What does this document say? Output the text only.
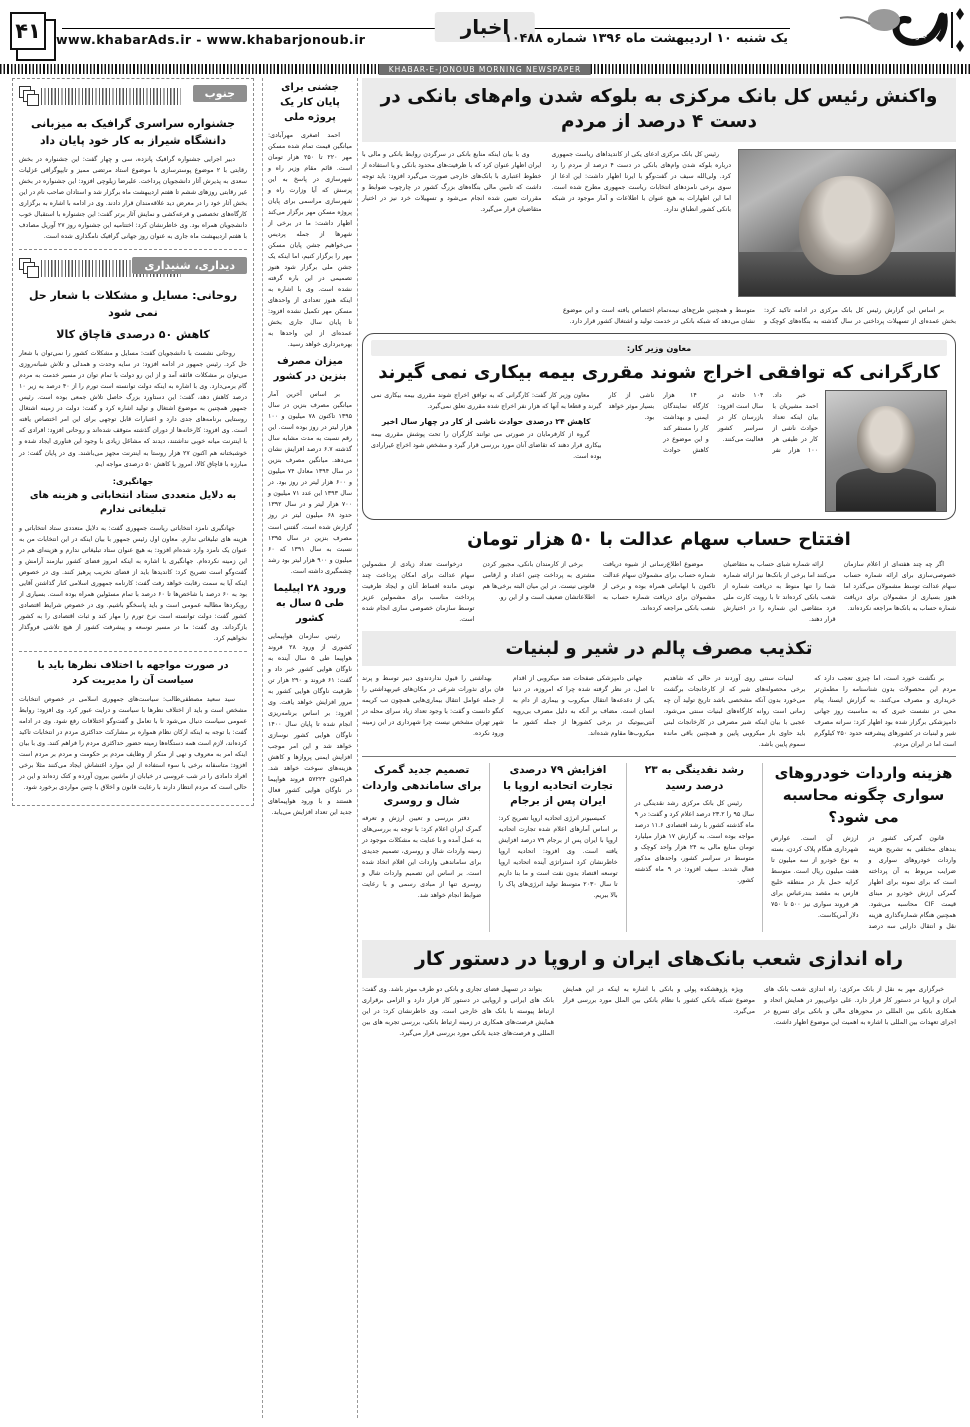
۴۱	www.khabarAds.ir - www.khabarjonoub.ir
اخبار
یک شنبه ۱۰ اردیبهشت ماه ۱۳۹۶ شماره ۱۰۴۸۸	جنوب
KHABAR-E-JONOUB MORNING NEWSPAPER
واکنش رئیس کل بانک مرکزی به بلوکه شدن وام‌های بانکی در دست ۴ درصد از مردم

رئیس کل بانک مرکزی ادعای یکی از کاندیداهای ریاست جمهوری درباره بلوکه شدن وام‌های بانکی در دست ۴ درصد از مردم را رد کرد. ولی‌الله سیف در گفت‌وگو با ایرنا اظهار داشت: این ادعا از سوی برخی نامزدهای انتخابات ریاست جمهوری مطرح شده است. اما این اظهارات به هیچ عنوان با اطلاعات و آمار موجود در شبکه بانکی کشور انطباق ندارد.

وی با بیان اینکه منابع بانکی در سرگردن روابط بانکی و مالی با ایران اظهار عنوان کرد که با ظرفیت‌های محدود بانکی و با استفاده از خطوط اعتباری با بانک‌های خارجی صورت می‌گیرد افزود: باید توجه داشت که تامین مالی بنگاه‌های بزرگ کشور در چارچوب ضوابط و مقررات تعیین شده انجام می‌شود و تسهیلات خرد نیز در اختیار متقاضیان قرار می‌گیرد.

بر اساس این گزارش رئیس کل بانک مرکزی در ادامه تاکید کرد: بخش عمده‌ای از تسهیلات پرداختی در سال گذشته به بنگاه‌های کوچک و متوسط و همچنین طرح‌های نیمه‌تمام اختصاص یافته است و این موضوع نشان می‌دهد که شبکه بانکی در خدمت تولید و اشتغال کشور قرار دارد.

معاون وزیر کار:
کارگرانی که توافقی اخراج شوند مقرری بیمه بیکاری نمی گیرند

خبر داد. احمد مشیریان با بیان اینکه تعداد حوادث ناشی از کار در طیفی هر ۱۰۰ هزار نفر ۱۰۴ حادثه در سال است افزود: بازرسان کار در سراسر کشور فعالیت می‌کنند.

۱۴ هزار کارگاه نمایندگان ایمنی و بهداشت کار را مستقر کند و این موضوع در کاهش حوادث ناشی از کار بسیار موثر خواهد بود.

معاون وزیر کار گفت: کارگرانی که به توافق اخراج شوند مقرری بیمه بیکاری نمی گیرند و قطعا به آنها که هزار نفر اخراج شده مقرری تعلق نمی‌گیرد.

کاهش ۲۴ درصدی حوادث ناشی از کار در چهار سال اخیر

گروه از کارفرمایان در صورتی می توانند کارگران را تحت پوشش مقرری بیمه بیکاری قرار دهند که تقاضای آنان مورد بررسی قرار گیرد و مشخص شود اخراج غیرارادی بوده است.

افتتاح حساب سهام عدالت با ۵۰ هزار تومان

اگر چه چند هفته‌ای از اعلام سازمان خصوصی‌سازی برای ارائه شماره حساب سهام عدالت توسط مشمولان می‌گذرد اما هنوز بسیاری از مشمولان برای دریافت شماره حساب به بانک‌ها مراجعه نکرده‌اند.

ارائه شماره شبای حساب به متقاضیان می‌کنند اما برخی از بانک‌ها نیز ارائه شماره شما را تنها منوط به دریافت شماره از شعب بانکی کرده‌اند تا با رویت کارت ملی فرد متقاضی این شماره را در اختیارش قرار دهند.

موضوع اطلاع‌رسانی از شیوه دریافت شماره حساب برای مشمولان سهام عدالت تاکنون با ابهاماتی همراه بوده و برخی از مشمولان برای دریافت شماره حساب به شعب بانکی مراجعه کرده‌اند.

برخی از کارمندان بانکی، مجبور کردن مشتری به پرداخت چنین اعداد و ارقامی قانونی نیست. در این میان البته برخی‌ها هم اطلاعاتشان ضعیف است و از این رو.

درخواست تعداد زیادی از مشمولین سهام عدالت برای امکان پرداخت چند نوبتی مانده اقساط آنان و ایجاد ظرفیت پرداخت مناسب برای مشمولین عزیز توسط سازمان خصوصی سازی انجام شده است.

تکذیب مصرف پالم در شیر و لبنیات

بر نگشت خورد است، اما چیزی تعجب دارد که مردم این محصولات بدون شناسنامه را مطمئن‌تر خریداری و مصرف می‌کنند. به گزارش ایسنا، پیام محی در نشست خبری که به مناسبت روز جهانی دامپزشکی برگزار شده بود اظهار کرد: سرانه مصرف شیر و لبنیات در کشورهای پیشرفته حدود ۲۵۰ کیلوگرم است اما در ایران مردم.

لبنیات سنتی روی آوردند در حالی که شاهدیم برخی محصوله‌های شیر که از کارخانجات برگشت می‌خورد بدون آنکه مشخصی باشد تاریخ تولید آن چه زمانی است روانه کارگاه‌های لبنیات سنتی می‌شود. عجبی با بیان اینکه شیر مصرفی در کارخانجات لبنی باید حاوی بار میکروبی پایین و همچنین باقی مانده سموم پایین باشد.

جهانی دامپزشکی صفحات ضد میکروبی از اقدام تا اصل، در نظر گرفته شده چرا که امروزه، در دنیا یکی از دغدغه‌ها انتقال میکروب و بیماری از دام به انسان است. مضاف بر آنکه به دلیل مصرف بی‌رویه آنتی‌بیوتیک در برخی کشورها از جمله کشور ما میکروب‌ها مقاوم شده‌اند.

بهداشتی را قبول نداردندوی دبیر توسط و پرند فان برای نذورات شرعی در مکان‌های غیربهداشتی را از جمله عوامل انتقال بیماری‌هایی همچون تب کریمه کنگو دانست و گفت: با وجود تعداد زیاد سرای محله در شهر تهران مشخص نیست چرا شهرداری در این زمینه ورود نکرده.

هزینه واردات خودروهای سواری چگونه محاسبه می شود؟

قانون گمرکی کشور در بندهای مختلفی به تشریح هزینه واردات خودروهای سواری و ضرایب مربوط به آن پرداخته است که برای نمونه برای اظهار گمرکی ارزش خودرو بر مبنای قیمت CIF محاسبه می‌شود. همچنین هنگام شماره‌گذاری هزینه نقل و انتقال دارایی سه درصد ارزش آن است. عوارض شهرداری هنگام پلاک کردن، بسته به نوع خودرو از سه میلیون تا هفت میلیون ریال است. متوسط کرایه حمل بار در منطقه خلیج فارس به مقصد بندرعباس برای هر فروند سواری نیز ۵۰۰ تا ۷۵۰ دلار آمریکاست.

رشد نقدینگی به ۲۳ درصد رسید

رئیس کل بانک مرکزی رشد نقدینگی در سال ۹۵ را ۲۳.۲ درصد اعلام کرد و گفت: در ۹ ماه گذشته کشور با رشد اقتصادی ۱۱.۶ درصد مواجه بوده است. به گزارش ۱۷ هزار میلیارد تومان منابع مالی به ۲۴ هزار واحد کوچک و متوسط در سراسر کشور، واحدهای مذکور فعال شدند. سیف افزود: در ۹ ماه گذشته کشور.

افزایش ۷۹ درصدی تجارت اتحادیه اروپا با ایران پس از برجام

کمیسیونر انرژی اتحادیه اروپا تصریح کرد: بر اساس آمارهای اعلام شده تجارت اتحادیه اروپا با ایران پس از برجام ۷۹ درصد افزایش یافته است. وی افزود: اتحادیه اروپا خاطرنشان کرد استراتژی آینده اتحادیه اروپا توسعه اقتصاد بدون نفت است و ما بنا داریم تا سال ۲۰۳۰ متوسط تولید انرژی‌های پاک را بالا ببریم.

تصمیم جدید گمرک برای ساماندهی واردات شال و روسری

دفتر بررسی و تعیین ارزش و تعرفه گمرک ایران اعلام کرد: با توجه به بررسی‌های به عمل آمده و با عنایت به مشکلات موجود در زمینه واردات شال و روسری، تصمیم جدیدی برای ساماندهی واردات این اقلام اتخاذ شده است. بر اساس این تصمیم واردات شال و روسری تنها از مبادی رسمی و با رعایت ضوابط انجام خواهد شد.

راه اندازی شعب بانک‌های ایران و اروپا در دستور کار

خبرگزاری مهر به نقل از بانک مرکزی: راه اندازی شعب بانک های ایران و اروپا در دستور کار قرار دارد. علی دوانی‌پور در همایش اتحاد و همکاری بانکی بین المللی در محورهای مالی و بانکی برای تسریع در اجرای تعهدات بین المللی با اشاره به اهمیت این موضوع اظهار داشت.

ویژه پژوهشکده پولی و بانکی با اشاره به اینکه در این همایش موضوع شبکه بانکی کشور با نظام بانکی بین الملل مورد بررسی قرار می‌گیرد.

بتواند در تسهیل فضای تجاری و بانکی دو طرف موثر باشد. وی گفت: بانک های ایرانی و اروپایی در دستور کار قرار دارد و الزامی برقراری ارتباط پیوسته با بانک های خارجی است. وی خاطرنشان کرد: در این همایش فرصت‌های همکاری در زمینه ارتباط بانکی، بررسی تجربه های بین المللی و فرصت‌های جدید بانکی مورد بررسی قرار می‌گیرد.

جشنی برای پایان کار یک پروژه ملی

احمد اصغری مهرآبادی: میانگین قیمت تمام شده مسکن مهر ۲۲۰ تا ۲۵۰ هزار تومان است. قائم مقام وزیر راه و شهرسازی در پاسخ به این پرسش که آیا وزارت راه و شهرسازی مراسمی برای پایان پروژه مسکن مهر برگزار می‌کند اظهار داشت: ما در برخی از شهرها از جمله پردیس می‌خواهیم جشن پایان مسکن مهر را برگزار کنیم، اما اینکه یک جشن ملی برگزار شود هنوز تصمیمی در این باره گرفته نشده است. وی با اشاره به اینکه هنوز تعدادی از واحدهای مسکن مهر تکمیل نشده افزود: تا پایان سال جاری بخش عمده‌ای از این واحدها به بهره‌برداری خواهد رسید.

میزان مصرف بنزین در کشور

بر اساس آخرین آمار میانگین مصرف بنزین در سال ۱۳۹۵ تاکنون ۷۸ میلیون و ۱۰۰ هزار لیتر در روز بوده است. این رقم نسبت به مدت مشابه سال گذشته ۶.۷ درصد افزایش نشان می‌دهد. میانگین مصرف بنزین در سال ۱۳۹۴ معادل ۷۴ میلیون و ۶۰۰ هزار لیتر در روز بود. در سال ۱۳۹۳ این عدد ۷۱ میلیون و ۷۰۰ هزار لیتر و در سال ۱۳۹۲ حدود ۶۸ میلیون لیتر در روز گزارش شده است. گفتنی است مصرف بنزین در سال ۱۳۹۵ نسبت به سال ۱۳۹۱ که ۶۰ میلیون و ۹۰۰ هزار لیتر بود رشد چشمگیری داشته است.

ورود ۲۸ اپیلیما طی ۵ سال به کشور

رئیس سازمان هواپیمایی کشوری از ورود ۲۸ فروند هواپیما طی ۵ سال آینده به ناوگان هوایی کشور خبر داد و گفت: ۶۱ فروند و ۲۹۰ هزار تن ظرفیت ناوگان هوایی کشور به مرور افزایش خواهد یافت. وی افزود: بر اساس برنامه‌ریزی انجام شده تا پایان سال ۱۴۰۰ ناوگان هوایی کشور نوسازی خواهد شد و این امر موجب افزایش ایمنی پروازها و کاهش هزینه‌های سوخت خواهد شد. هم‌اکنون ۵۷۲۲۴ فروند هواپیما در ناوگان هوایی کشور فعال هستند و با ورود هواپیماهای جدید این تعداد افزایش می‌یابد.

جنوب
جشنواره سراسری گرافیک به میزبانی دانشگاه شیراز به کار خود پایان داد

دبیر اجرایی جشنواره گرافیک پانزده، سی و چهار گفت: این جشنواره در بخش رقابتی با ۲ موضوع پوسترسازی با موضوع استاد مرتضی ممیز و تایپوگرافی غزلیات سعدی به پذیرش آثار دانشجویان پرداخت. علیرضا زیلوچی افزود: این جشنواره در بخش غیر رقابتی روزهای ششم تا هفتم اردیبهشت ماه برگزار شد و استادان صاحب نام در این بخش آثار خود را در معرض دید علاقه‌مندان قرار دادند. وی در ادامه با اشاره به برگزاری کارگاه‌های تخصصی و قرعه‌کشی و نمایش آثار برتر گفت: این جشنواره با استقبال خوب دانشجویان همراه بود. وی خاطرنشان کرد: اختتامیه این جشنواره روز ۲۷ آوریل مصادف با هفتم اردیبهشت ماه جاری به عنوان روز جهانی گرافیک نامگذاری شده است.

دیداری، شنیداری
روحانی: مسایل و مشکلات با شعار حل نمی شود
کاهش ۵۰ درصدی قاچاق کالا

روحانی نشست با دانشجویان گفت: مسایل و مشکلات کشور را نمی‌توان با شعار حل کرد. رئیس جمهور در ادامه افزود: در سایه وحدت و همدلی و تلاش شبانه‌روزی می‌توان بر مشکلات فائقه آمد و از این رو دولت با تمام توان در مسیر خدمت به مردم گام برمی‌دارد. وی با اشاره به اینکه دولت توانسته است تورم را از ۴۰ درصد به زیر ۱۰ درصد کاهش دهد، گفت: این دستاورد بزرگ حاصل تلاش جمعی بوده است. رئیس جمهور همچنین به موضوع اشتغال و تولید اشاره کرد و گفت: دولت در زمینه اشتغال روستایی برنامه‌های جدی دارد و اعتبارات قابل توجهی برای این امر اختصاص یافته است. وی افزود: کارخانه‌ها از دوران گذشته متوقف شده‌اند و روحانی افزود: افرادی که با اینترنت میانه خوبی نداشتند، دیدند که مشاغل زیادی با وجود این فناوری ایجاد شده و خوشبختانه هم اکنون ۲۷ هزار روستا به اینترنت مجهز می‌باشند. وی در پایان گفت: در مبارزه با قاچاق کالا، امروز با کاهش ۵۰ درصدی مواجه ایم.

جهانگیری:
به دلایل متعددی ستاد انتخاباتی و هزینه های تبلیغاتی ندارم

جهانگیری نامزد انتخاباتی ریاست جمهوری گفت: به دلایل متعددی ستاد انتخاباتی و هزینه های تبلیغاتی ندارم. معاون اول رئیس جمهور با بیان اینکه در این انتخابات من به عنوان یک نامزد وارد شده‌ام افزود: به هیچ عنوان ستاد تبلیغاتی ندارم و هزینه‌ای هم در این زمینه نکرده‌ام. جهانگیری با اشاره به اینکه امروز فضای کشور نیازمند آرامش و گفت‌وگو است تصریح کرد: کاندیدها باید از فضای تخریب پرهیز کنند. وی در خصوص اینکه آیا به سمت رقابت خواهد رفت گفت: کارنامه جمهوری اسلامی کنار گذاشتن آقایی بود به ۶۰ درصد با شاخص‌ها تا ۶۰ درصد با تمام مسئولین همراه بوده است. بسیاری از رویکردها مطالبه عمومی است و باید پاسخگو باشیم. وی در خصوص شرایط اقتصادی کشور گفت: دولت توانسته است نرخ تورم را مهار کند و ثبات اقتصادی را به کشور بازگرداند. وی گفت: ما در مسیر توسعه و پیشرفت کشور از هیچ تلاشی فروگذار نخواهیم کرد.

در صورت مواجهه با اختلاف نظرها باید با سیاست آن را مدیریت کرد

سید سعید مصطفی‌طالب: سیاست‌های جمهوری اسلامی در خصوص انتخابات مشخص است و باید از اختلاف نظرها با سیاست و درایت عبور کرد. وی افزود: روابط عمومی سیاست دنبال می‌شود تا با تعامل و گفت‌وگو اختلافات رفع شود. وی در ادامه گفت: با توجه به اینکه ارکان نظام همواره بر مشارکت حداکثری مردم در انتخابات تاکید کرده‌اند، لازم است همه دستگاه‌ها زمینه حضور حداکثری مردم را فراهم کنند. وی با بیان اینکه امر به معروف و نهی از منکر از وظایف مردم بر حکومت و مردم بر مردم است افزود: متاسفانه برخی با سوء استفاده از این موارد اغتشاش ایجاد می‌کنند مثلا برخی افراد دامادی را در شب عروسی در خیابان از ماشین بیرون آورده و کتک زده‌اند و این در حالی است که مردم انتظار دارند با رعایت قانون و اخلاق با چنین مواردی برخورد شود.
